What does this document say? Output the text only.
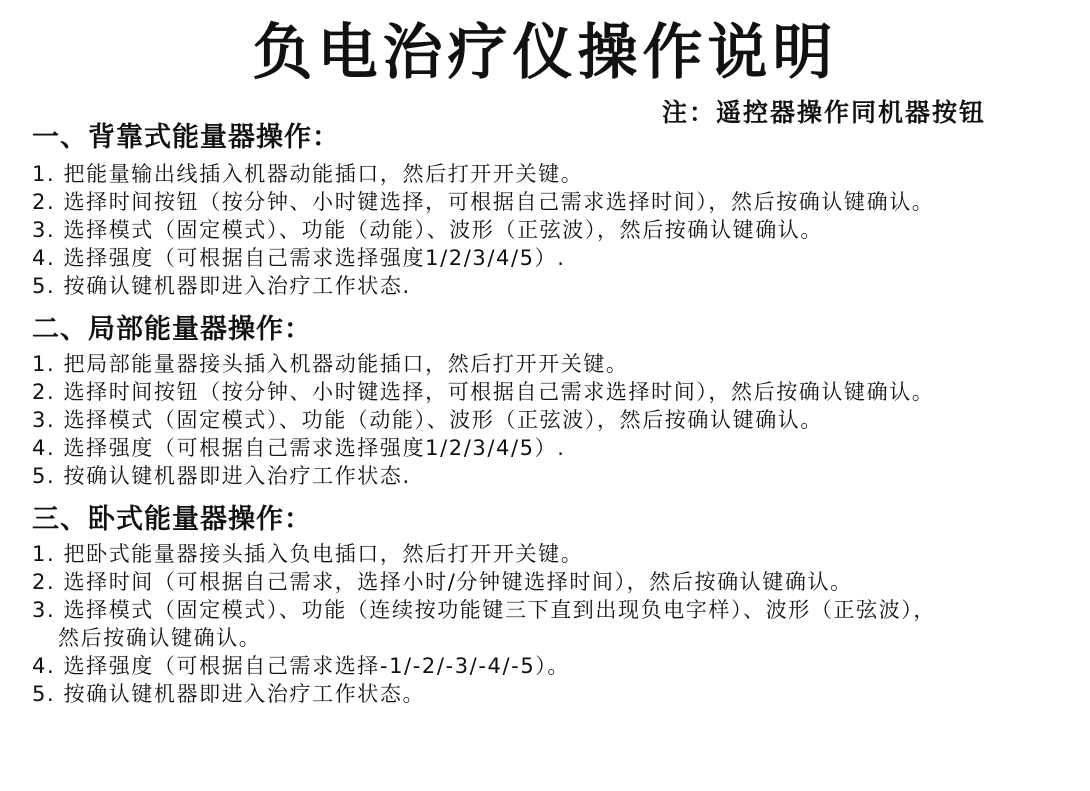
负电治疗仪操作说明
注：遥控器操作同机器按钮
一、背靠式能量器操作：
1. 把能量输出线插入机器动能插口，然后打开开关键。
2. 选择时间按钮（按分钟、小时键选择，可根据自己需求选择时间），然后按确认键确认。
3. 选择模式（固定模式）、功能（动能）、波形（正弦波），然后按确认键确认。
4. 选择强度（可根据自己需求选择强度1/2/3/4/5）.
5. 按确认键机器即进入治疗工作状态.
二、局部能量器操作：
1. 把局部能量器接头插入机器动能插口，然后打开开关键。
2. 选择时间按钮（按分钟、小时键选择，可根据自己需求选择时间），然后按确认键确认。
3. 选择模式（固定模式）、功能（动能）、波形（正弦波），然后按确认键确认。
4. 选择强度（可根据自己需求选择强度1/2/3/4/5）.
5. 按确认键机器即进入治疗工作状态.
三、卧式能量器操作：
1. 把卧式能量器接头插入负电插口，然后打开开关键。
2. 选择时间（可根据自己需求，选择小时/分钟键选择时间），然后按确认键确认。
3. 选择模式（固定模式）、功能（连续按功能键三下直到出现负电字样）、波形（正弦波），
然后按确认键确认。
4. 选择强度（可根据自己需求选择-1/-2/-3/-4/-5）。
5. 按确认键机器即进入治疗工作状态。
